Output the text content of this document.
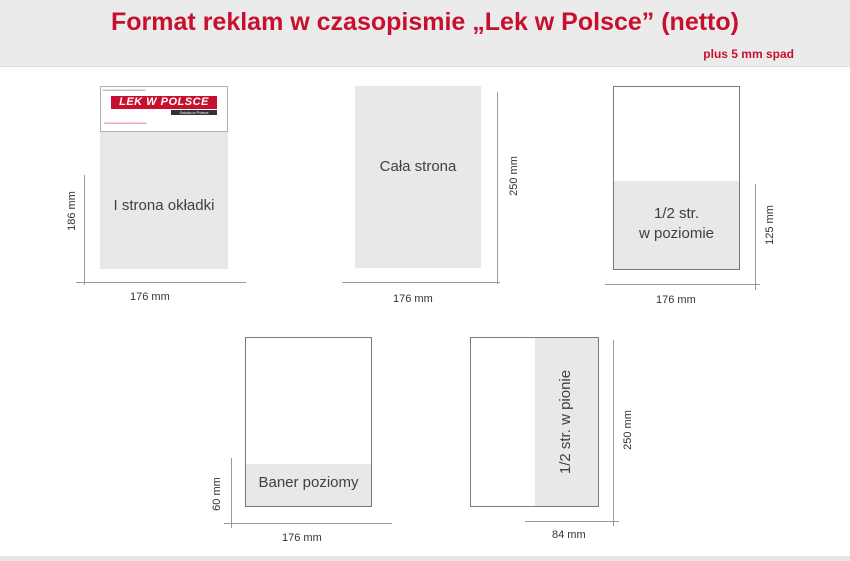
Format reklam w czasopismie „Lek w Polsce” (netto)
plus 5 mm spad
▪▪▪▪▪▪▪▪▪▪▪▪▪▪▪▪▪▪▪▪▪▪▪▪▪▪▪▪▪▪▪▪▪▪▪▪▪▪▪▪
LEK W POLSCE
Szkoła w Polsce
▪▪▪▪▪▪▪▪▪▪▪▪▪▪▪▪▪▪▪▪▪▪▪▪▪▪▪▪▪▪▪▪▪▪▪▪▪▪▪▪
I strona okładki
186 mm
176 mm
Cała strona	250 mm
176 mm
1/2 str.
w poziomie	125 mm
176 mm
Baner poziomy
60 mm
176 mm
1/2 str. w pionie	250 mm
84 mm
